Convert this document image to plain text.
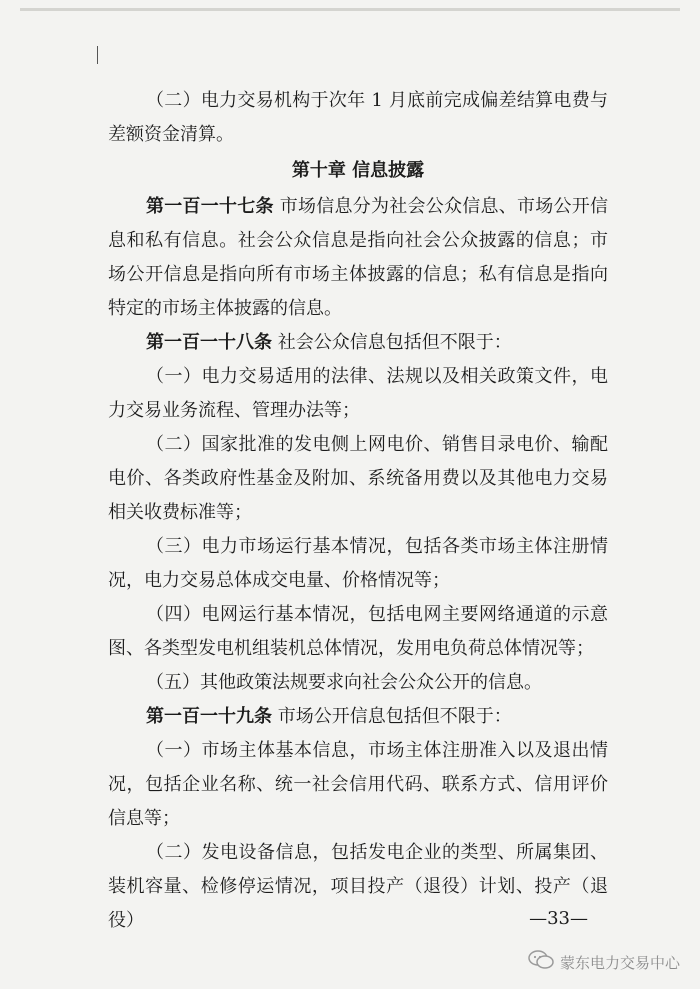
（二）电力交易机构于次年 1 月底前完成偏差结算电费与差额资金清算。

第十章 信息披露

第一百一十七条 市场信息分为社会公众信息、市场公开信息和私有信息。社会公众信息是指向社会公众披露的信息；市场公开信息是指向所有市场主体披露的信息；私有信息是指向特定的市场主体披露的信息。

第一百一十八条 社会公众信息包括但不限于：

（一）电力交易适用的法律、法规以及相关政策文件，电力交易业务流程、管理办法等；

（二）国家批准的发电侧上网电价、销售目录电价、输配电价、各类政府性基金及附加、系统备用费以及其他电力交易相关收费标准等；

（三）电力市场运行基本情况，包括各类市场主体注册情况，电力交易总体成交电量、价格情况等；

（四）电网运行基本情况，包括电网主要网络通道的示意图、各类型发电机组装机总体情况，发用电负荷总体情况等；

（五）其他政策法规要求向社会公众公开的信息。

第一百一十九条 市场公开信息包括但不限于：

（一）市场主体基本信息，市场主体注册准入以及退出情况，包括企业名称、统一社会信用代码、联系方式、信用评价信息等；

（二）发电设备信息，包括发电企业的类型、所属集团、装机容量、检修停运情况，项目投产（退役）计划、投产（退役）	—33—
蒙东电力交易中心
